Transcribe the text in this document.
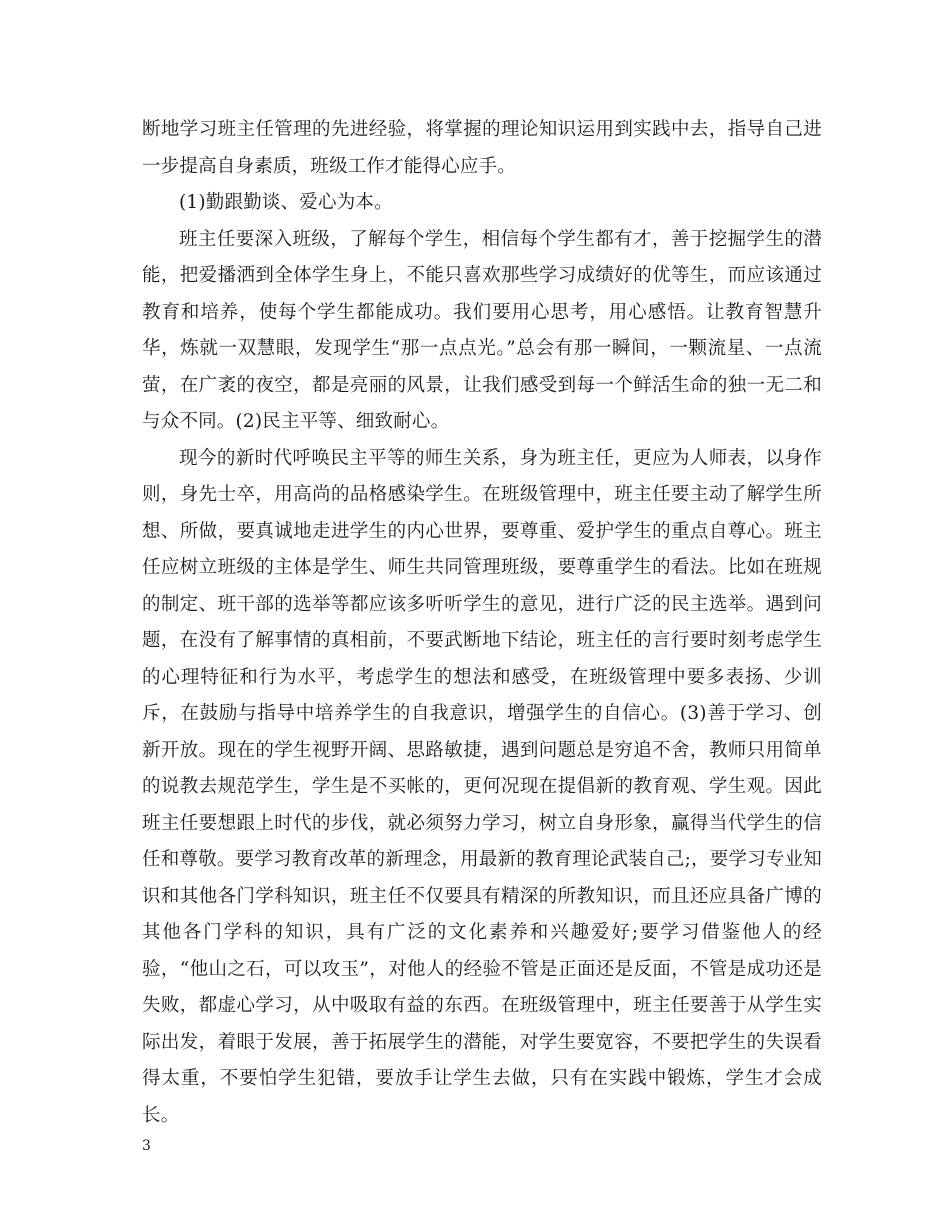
断地学习班主任管理的先进经验，将掌握的理论知识运用到实践中去，指导自己进一步提高自身素质，班级工作才能得心应手。

(1)勤跟勤谈、爱心为本。

班主任要深入班级，了解每个学生，相信每个学生都有才，善于挖掘学生的潜能，把爱播洒到全体学生身上，不能只喜欢那些学习成绩好的优等生，而应该通过教育和培养，使每个学生都能成功。我们要用心思考，用心感悟。让教育智慧升华，炼就一双慧眼，发现学生“那一点点光。”总会有那一瞬间，一颗流星、一点流萤，在广袤的夜空，都是亮丽的风景，让我们感受到每一个鲜活生命的独一无二和与众不同。(2)民主平等、细致耐心。

现今的新时代呼唤民主平等的师生关系，身为班主任，更应为人师表，以身作则，身先士卒，用高尚的品格感染学生。在班级管理中，班主任要主动了解学生所想、所做，要真诚地走进学生的内心世界，要尊重、爱护学生的重点自尊心。班主任应树立班级的主体是学生、师生共同管理班级，要尊重学生的看法。比如在班规的制定、班干部的选举等都应该多听听学生的意见，进行广泛的民主选举。遇到问题，在没有了解事情的真相前，不要武断地下结论，班主任的言行要时刻考虑学生的心理特征和行为水平，考虑学生的想法和感受，在班级管理中要多表扬、少训斥，在鼓励与指导中培养学生的自我意识，增强学生的自信心。(3)善于学习、创新开放。现在的学生视野开阔、思路敏捷，遇到问题总是穷追不舍，教师只用简单的说教去规范学生，学生是不买帐的，更何况现在提倡新的教育观、学生观。因此班主任要想跟上时代的步伐，就必须努力学习，树立自身形象，赢得当代学生的信任和尊敬。要学习教育改革的新理念，用最新的教育理论武装自己;，要学习专业知识和其他各门学科知识，班主任不仅要具有精深的所教知识，而且还应具备广博的其他各门学科的知识，具有广泛的文化素养和兴趣爱好;要学习借鉴他人的经验，“他山之石，可以攻玉”，对他人的经验不管是正面还是反面，不管是成功还是失败，都虚心学习，从中吸取有益的东西。在班级管理中，班主任要善于从学生实际出发，着眼于发展，善于拓展学生的潜能，对学生要宽容，不要把学生的失误看得太重，不要怕学生犯错，要放手让学生去做，只有在实践中锻炼，学生才会成长。

3
